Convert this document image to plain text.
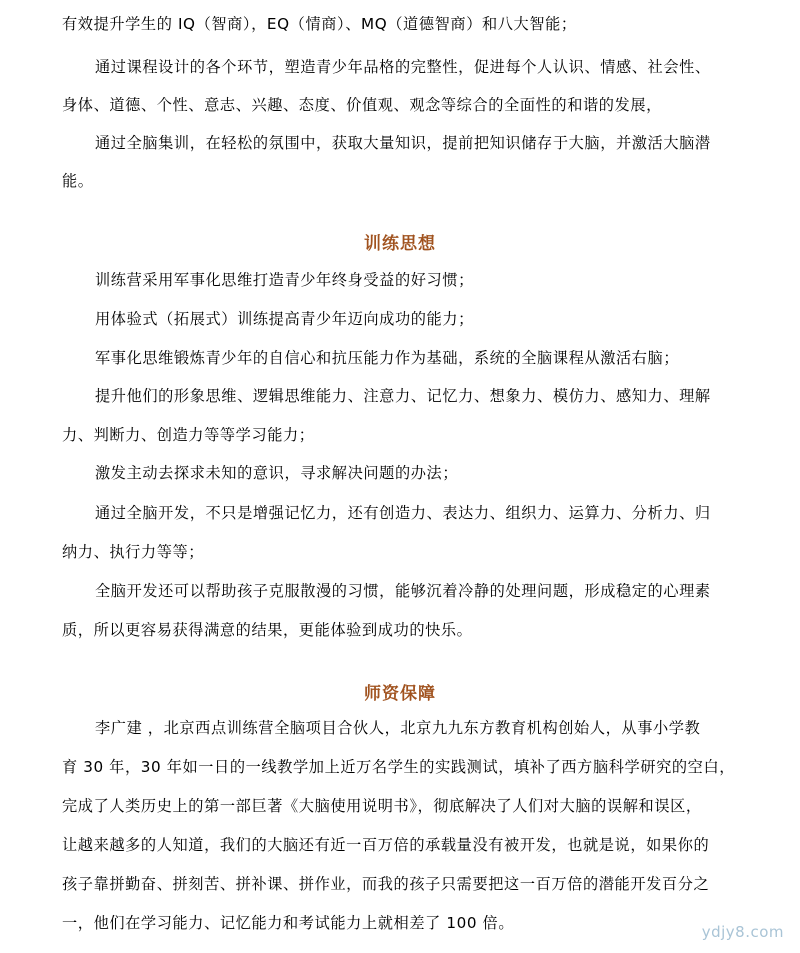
有效提升学生的 IQ（智商），EQ（情商）、MQ（道德智商）和八大智能；
通过课程设计的各个环节，塑造青少年品格的完整性，促进每个人认识、情感、社会性、
身体、道德、个性、意志、兴趣、态度、价值观、观念等综合的全面性的和谐的发展，
通过全脑集训，在轻松的氛围中，获取大量知识，提前把知识储存于大脑，并激活大脑潜
能。
训练思想
训练营采用军事化思维打造青少年终身受益的好习惯；
用体验式（拓展式）训练提高青少年迈向成功的能力；
军事化思维锻炼青少年的自信心和抗压能力作为基础，系统的全脑课程从激活右脑；
提升他们的形象思维、逻辑思维能力、注意力、记忆力、想象力、模仿力、感知力、理解
力、判断力、创造力等等学习能力；
激发主动去探求未知的意识，寻求解决问题的办法；
通过全脑开发，不只是增强记忆力，还有创造力、表达力、组织力、运算力、分析力、归
纳力、执行力等等；
全脑开发还可以帮助孩子克服散漫的习惯，能够沉着冷静的处理问题，形成稳定的心理素
质，所以更容易获得满意的结果，更能体验到成功的快乐。
师资保障
李广建 ，北京西点训练营全脑项目合伙人，北京九九东方教育机构创始人，从事小学教
育 30 年，30 年如一日的一线教学加上近万名学生的实践测试，填补了西方脑科学研究的空白，
完成了人类历史上的第一部巨著《大脑使用说明书》，彻底解决了人们对大脑的误解和误区，
让越来越多的人知道，我们的大脑还有近一百万倍的承载量没有被开发，也就是说，如果你的
孩子靠拼勤奋、拼刻苦、拼补课、拼作业，而我的孩子只需要把这一百万倍的潜能开发百分之
一，他们在学习能力、记忆能力和考试能力上就相差了 100 倍。	ydjy8.com
